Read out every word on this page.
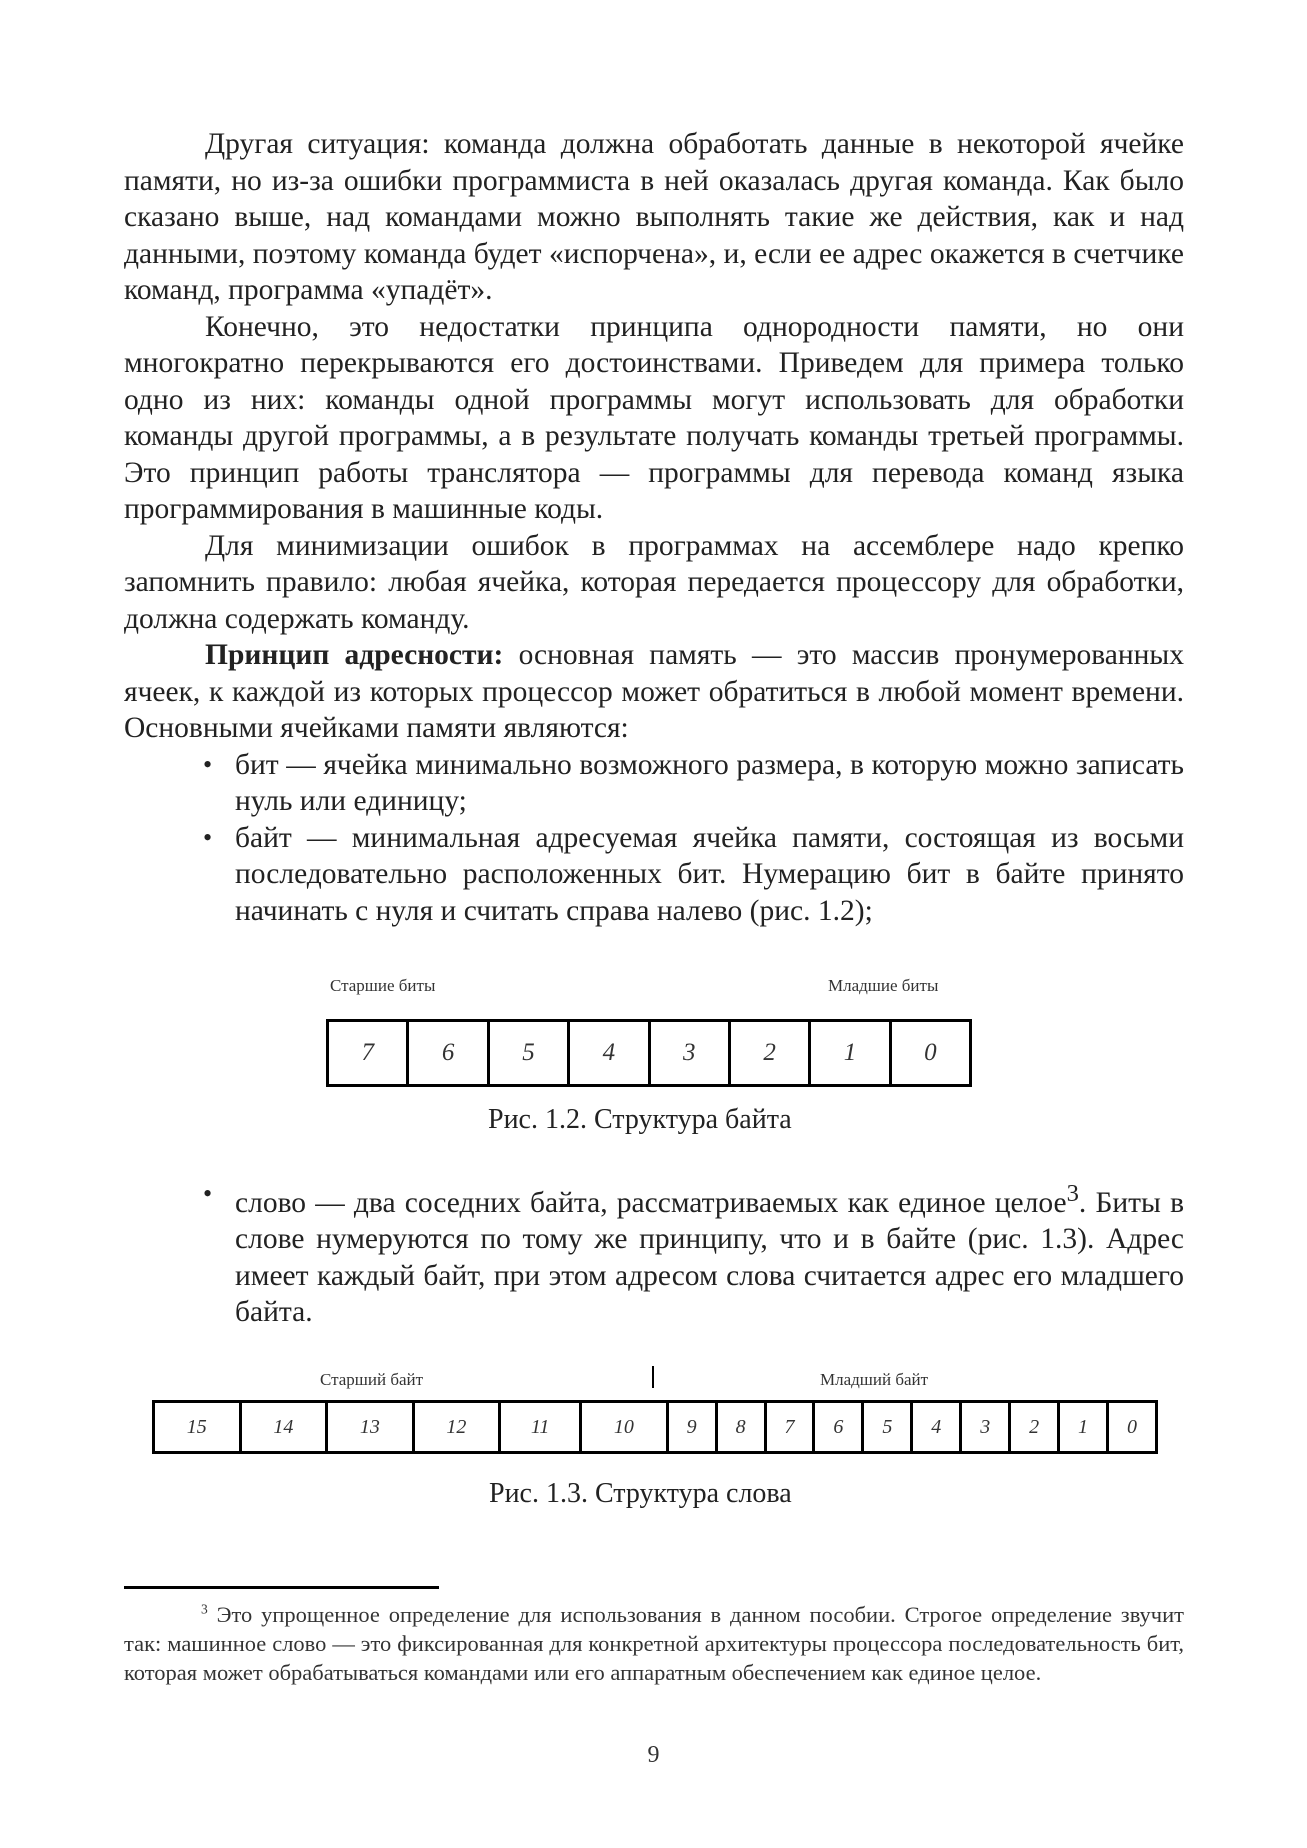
Другая ситуация: команда должна обработать данные в некоторой ячейке памяти, но из-за ошибки программиста в ней оказалась другая команда. Как было сказано выше, над командами можно выполнять такие же действия, как и над данными, поэтому команда будет «испорчена», и, если ее адрес окажется в счетчике команд, программа «упадёт».

Конечно, это недостатки принципа однородности памяти, но они многократно перекрываются его достоинствами. Приведем для примера только одно из них: команды одной программы могут использовать для обработки команды другой программы, а в результате получать команды третьей программы. Это принцип работы транслятора — программы для перевода команд языка программирования в машинные коды.

Для минимизации ошибок в программах на ассемблере надо крепко запомнить правило: любая ячейка, которая передается процессору для обработки, должна содержать команду.

Принцип адресности: основная память — это массив пронумерованных ячеек, к каждой из которых процессор может обратиться в любой момент времени. Основными ячейками памяти являются:

• бит — ячейка минимально возможного размера, в которую можно записать нуль или единицу;
• байт — минимальная адресуемая ячейка памяти, состоящая из восьми последовательно расположенных бит. Нумерацию бит в байте принято начинать с нуля и считать справа налево (рис. 1.2);
Старшие биты	Младшие биты
7	6	5	4	3	2	1	0
Рис. 1.2. Структура байта
• слово — два соседних байта, рассматриваемых как единое целое$^3$. Биты в слове нумеруются по тому же принципу, что и в байте (рис. 1.3). Адрес имеет каждый байт, при этом адресом слова считается адрес его младшего байта.
Старший байт	Младший байт
15	14	13	12	11	10	9	8	7	6	5	4	3	2	1	0
Рис. 1.3. Структура слова
$^3$ Это упрощенное определение для использования в данном пособии. Строгое определение звучит так: машинное слово — это фиксированная для конкретной архитектуры процессора последовательность бит, которая может обрабатываться командами или его аппаратным обеспечением как единое целое.
9
